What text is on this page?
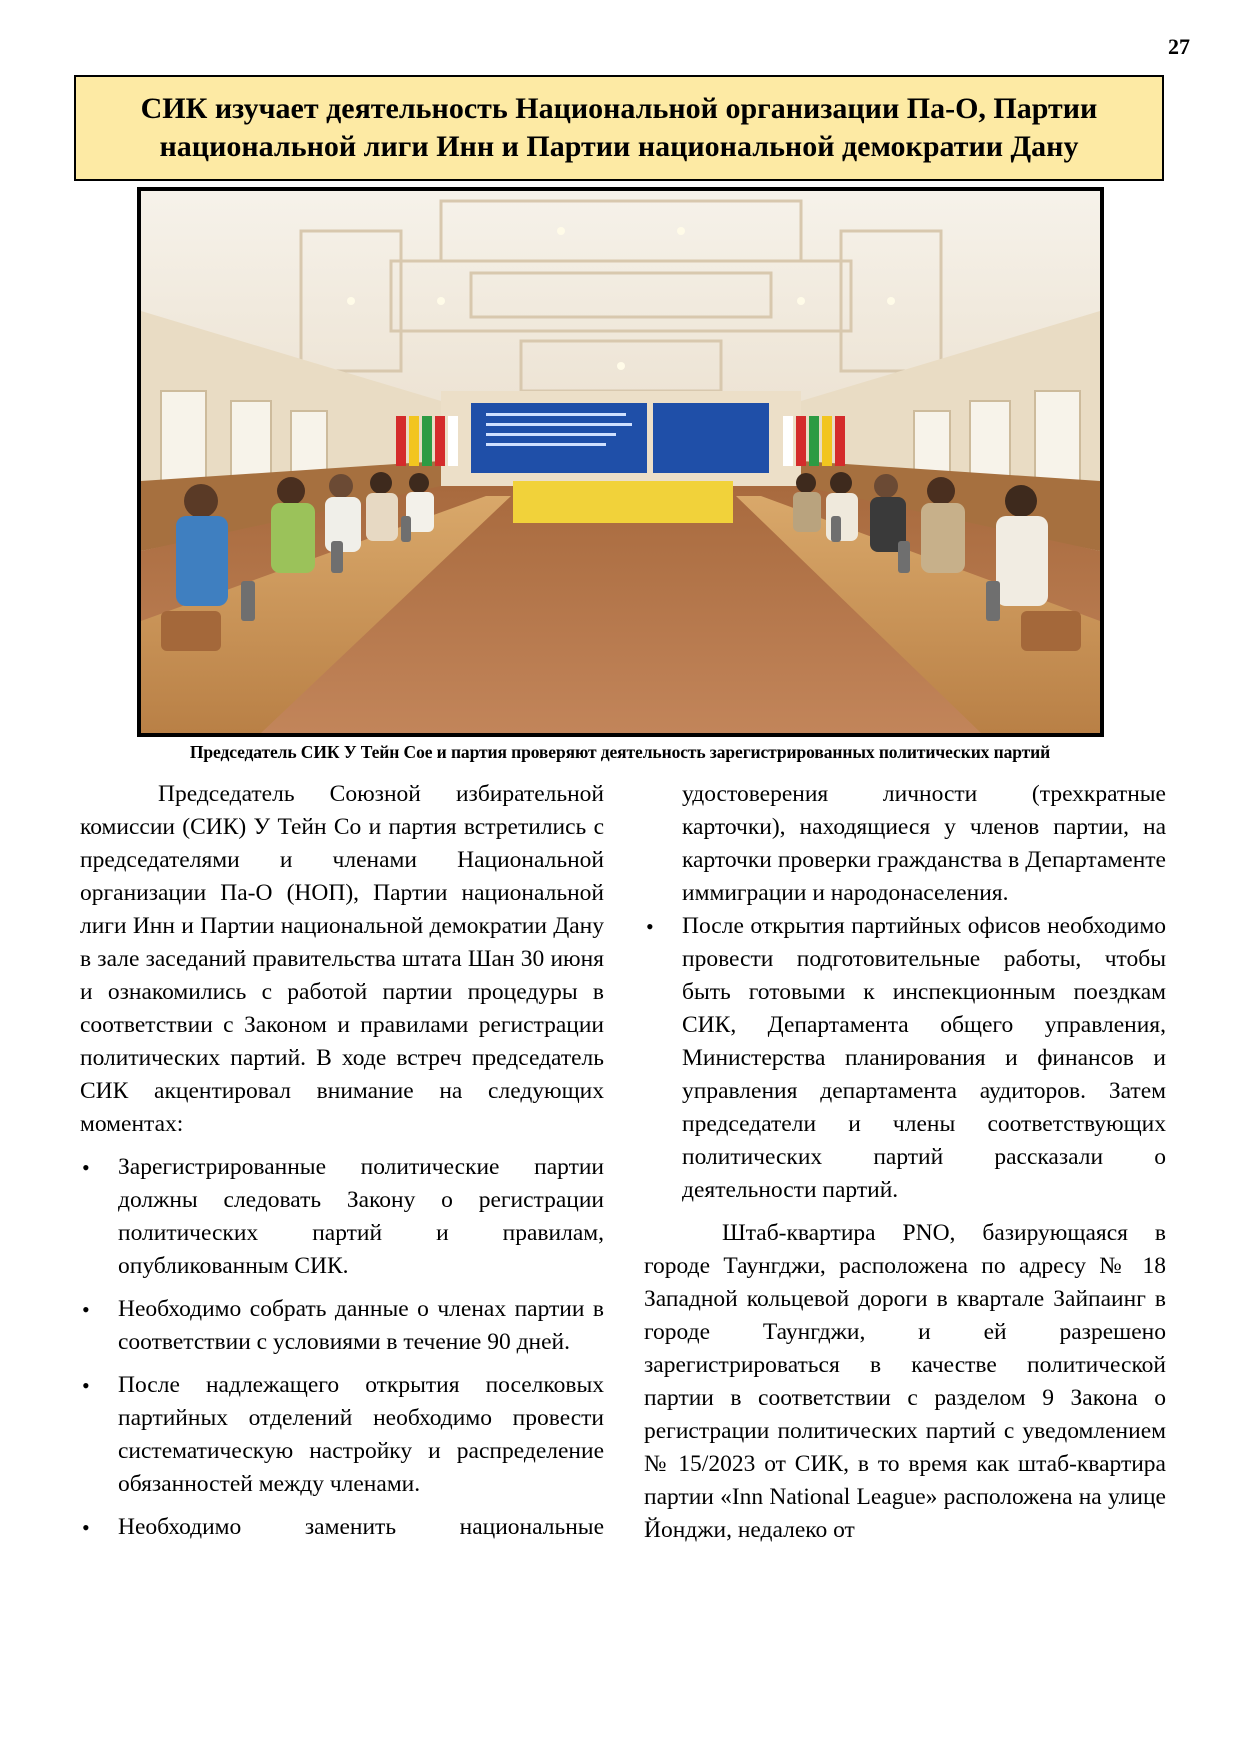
27
СИК изучает деятельность Национальной организации Па-О, Партии
национальной лиги Инн и Партии национальной демократии Дану
Председатель СИК У Тейн Сое и партия проверяют деятельность зарегистрированных политических партий

Председатель Союзной избирательной комиссии (СИК) У Тейн Со и партия встретились с председателями и членами Национальной организации Па-О (НОП), Партии национальной лиги Инн и Партии национальной демократии Дану в зале заседаний правительства штата Шан 30 июня и ознакомились с работой партии процедуры в соответствии с Законом и правилами регистрации политических партий. В ходе встреч председатель СИК акцентировал внимание на следующих моментах:

• Зарегистрированные политические партии должны следовать Закону о регистрации политических партий и правилам, опубликованным СИК.
• Необходимо собрать данные о членах партии в соответствии с условиями в течение 90 дней.
• После надлежащего открытия поселковых партийных отделений необходимо провести систематическую настройку и распределение обязанностей между членами.
• Необходимо заменить национальные

удостоверения личности (трехкратные карточки), находящиеся у членов партии, на карточки проверки гражданства в Департаменте иммиграции и народонаселения.

• После открытия партийных офисов необходимо провести подготовительные работы, чтобы быть готовыми к инспекционным поездкам СИК, Департамента общего управления, Министерства планирования и финансов и управления департамента аудиторов. Затем председатели и члены соответствующих политических партий рассказали о деятельности партий.

Штаб-квартира PNO, базирующаяся в городе Таунгджи, расположена по адресу № 18 Западной кольцевой дороги в квартале Зайпаинг в городе Таунгджи, и ей разрешено зарегистрироваться в качестве политической партии в соответствии с разделом 9 Закона о регистрации политических партий с уведомлением № 15/2023 от СИК, в то время как штаб-квартира партии «Inn National League» расположена на улице Йонджи, недалеко от
